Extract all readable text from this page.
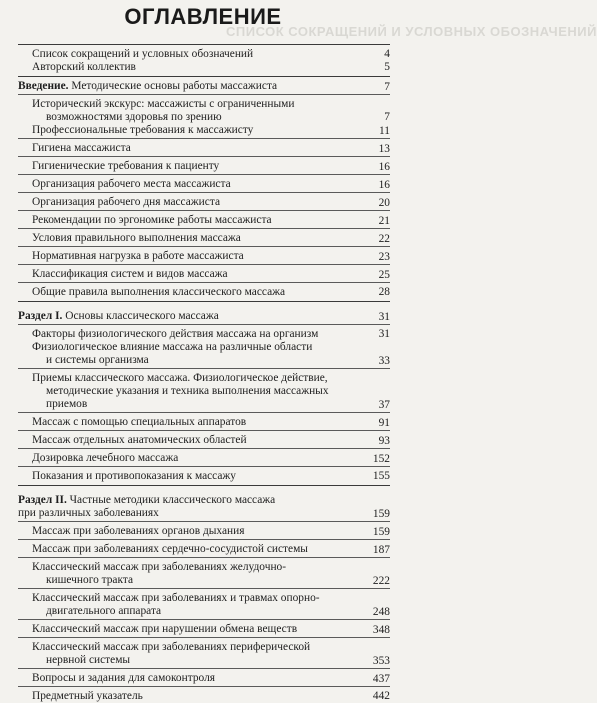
СПИСОК СОКРАЩЕНИЙ И УСЛОВНЫХ ОБОЗНАЧЕНИЙ
ОГЛАВЛЕНИЕ
Список сокращений и условных обозначений	4
Авторский коллектив	5
Введение. Методические основы работы массажиста	7
Исторический экскурс: массажисты с ограниченными
возможностями здоровья по зрению	7
Профессиональные требования к массажисту	11
Гигиена массажиста	13
Гигиенические требования к пациенту	16
Организация рабочего места массажиста	16
Организация рабочего дня массажиста	20
Рекомендации по эргономике работы массажиста	21
Условия правильного выполнения массажа	22
Нормативная нагрузка в работе массажиста	23
Классификация систем и видов массажа	25
Общие правила выполнения классического массажа	28
Раздел I. Основы классического массажа	31
Факторы физиологического действия массажа на организм	31
Физиологическое влияние массажа на различные области
и системы организма	33
Приемы классического массажа. Физиологическое действие,
методические указания и техника выполнения массажных
приемов	37
Массаж с помощью специальных аппаратов	91
Массаж отдельных анатомических областей	93
Дозировка лечебного массажа	152
Показания и противопоказания к массажу	155
Раздел II. Частные методики классического массажа
при различных заболеваниях	159
Массаж при заболеваниях органов дыхания	159
Массаж при заболеваниях сердечно-сосудистой системы	187
Классический массаж при заболеваниях желудочно-
кишечного тракта	222
Классический массаж при заболеваниях и травмах опорно-
двигательного аппарата	248
Классический массаж при нарушении обмена веществ	348
Классический массаж при заболеваниях периферической
нервной системы	353
Вопросы и задания для самоконтроля	437
Предметный указатель	442
